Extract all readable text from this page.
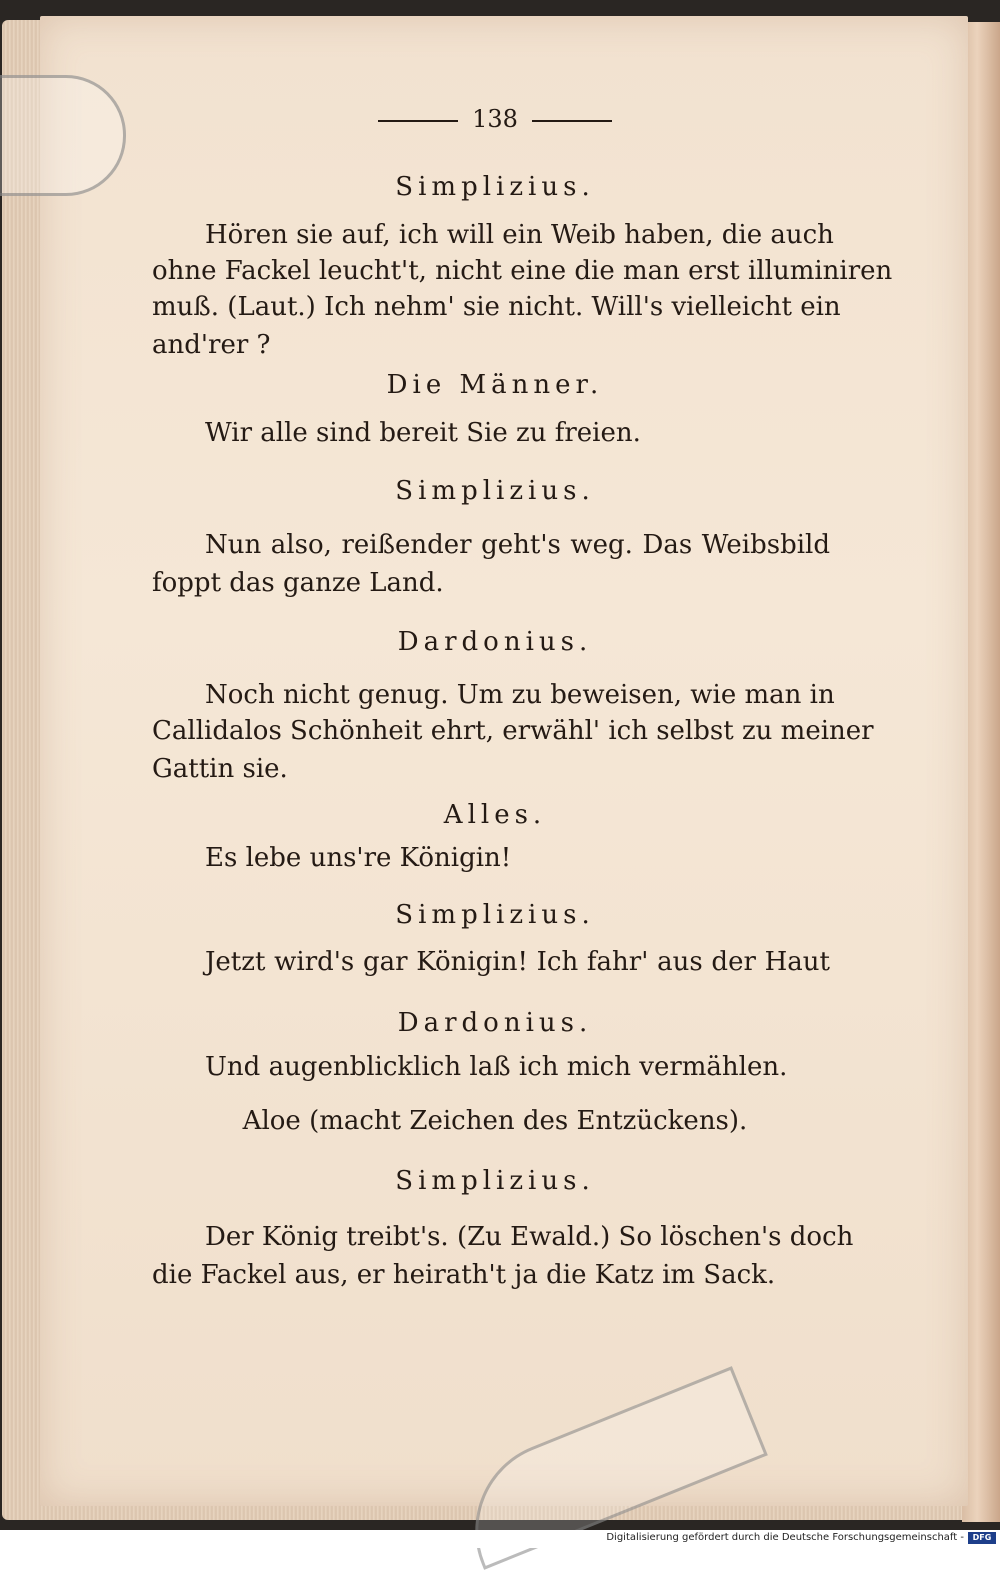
138

Simplizius.

Hören sie auf, ich will ein Weib haben, die auch

ohne Fackel leucht't, nicht eine die man erst illuminiren

muß. (Laut.) Ich nehm' sie nicht. Will's vielleicht ein

and'rer ?

Die Männer.

Wir alle sind bereit Sie zu freien.

Simplizius.

Nun also, reißender geht's weg. Das Weibsbild

foppt das ganze Land.

Dardonius.

Noch nicht genug. Um zu beweisen, wie man in

Callidalos Schönheit ehrt, erwähl' ich selbst zu meiner

Gattin sie.

Alles.

Es lebe uns're Königin!

Simplizius.

Jetzt wird's gar Königin! Ich fahr' aus der Haut

Dardonius.

Und augenblicklich laß ich mich vermählen.

Aloe (macht Zeichen des Entzückens).

Simplizius.

Der König treibt's. (Zu Ewald.) So löschen's doch

die Fackel aus, er heirath't ja die Katz im Sack.

Digitalisierung gefördert durch die Deutsche Forschungsgemeinschaft -	DFG
